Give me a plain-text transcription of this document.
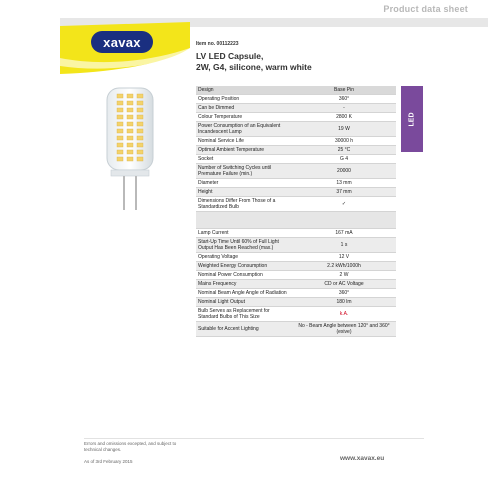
Product data sheet
xavax	Item no. 00112223
LV LED Capsule,
2W, G4, silicone, warm white
LED
Design	Base Pin
Operating Position	360°
Can be Dimmed	-
Colour Temperature	2800 K
Power Consumption of an Equivalent Incandescent Lamp	19 W
Nominal Service Life	30000 h
Optimal Ambient Temperature	25 °C
Socket	G 4
Number of Switching Cycles until Premature Failure (min.)	20000
Diameter	13 mm
Height	37 mm
Dimensions Differ From Those of a Standardized Bulb	✓

Lamp Current	167 mA
Start-Up Time Until 60% of Full Light Output Has Been Reached (max.)	1 s
Operating Voltage	12 V
Weighted Energy Consumption	2.2 kWh/1000h
Nominal Power Consumption	2 W
Mains Frequency	CD or AC Voltage
Nominal Beam Angle Angle of Radiation	360°
Nominal Light Output	180 lm
Bulb Serves as Replacement for Standard Bulbs of This Size	k.A.
Suitable for Accent Lighting	No - Beam Angle between 120° and 360° (exive)
Errors and omissions excepted, and subject to technical changes.
As of 3rd February 2015	www.xavax.eu
